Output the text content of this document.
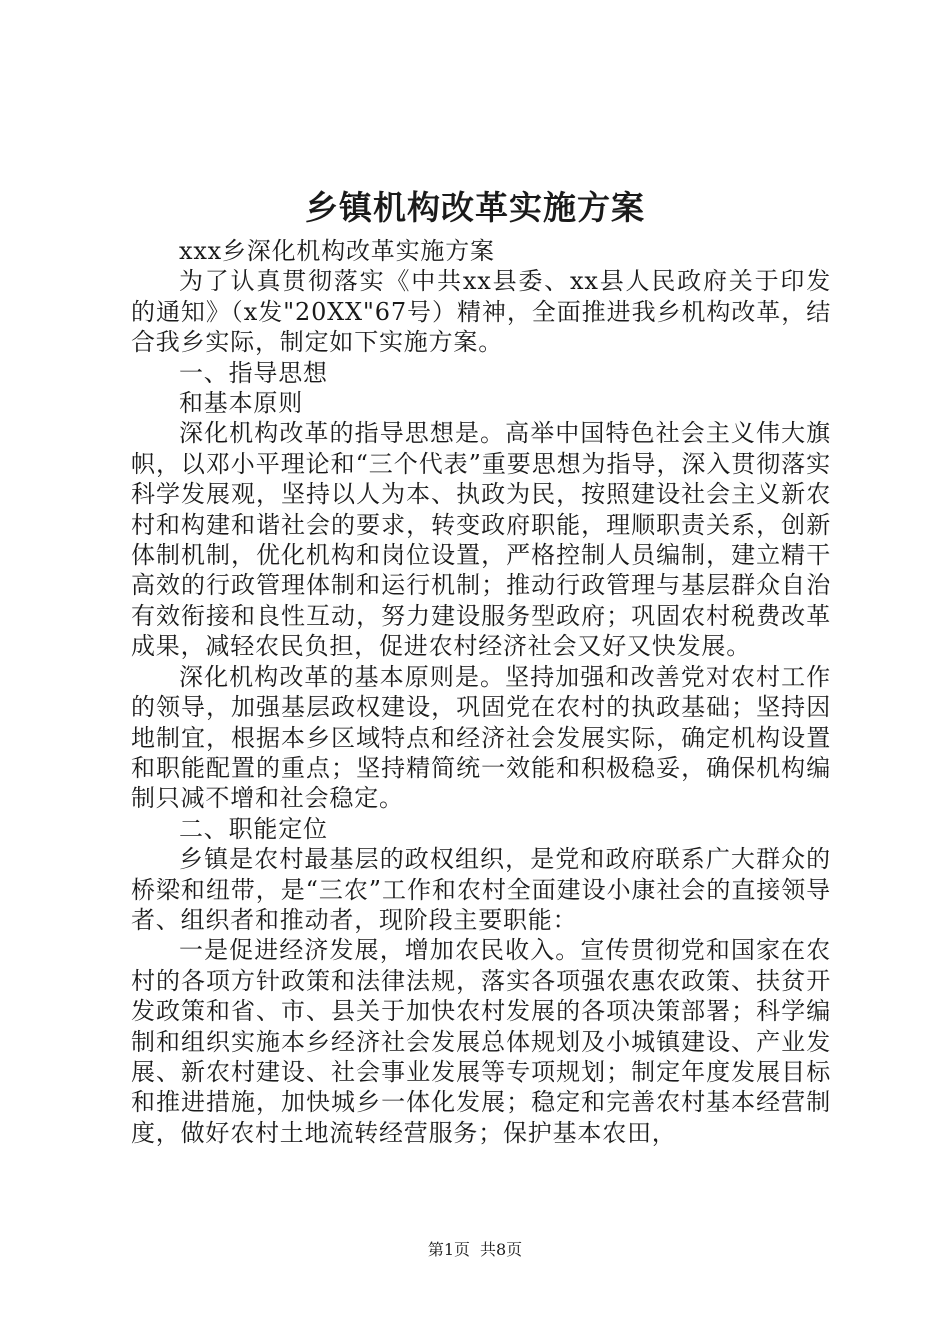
乡镇机构改革实施方案

xxx乡深化机构改革实施方案

为了认真贯彻落实《中共xx县委、xx县人民政府关于印发的通知》（x发"20XX"67号）精神，全面推进我乡机构改革，结合我乡实际，制定如下实施方案。

一、指导思想

和基本原则

深化机构改革的指导思想是。高举中国特色社会主义伟大旗帜，以邓小平理论和“三个代表”重要思想为指导，深入贯彻落实科学发展观，坚持以人为本、执政为民，按照建设社会主义新农村和构建和谐社会的要求，转变政府职能，理顺职责关系，创新体制机制，优化机构和岗位设置，严格控制人员编制，建立精干高效的行政管理体制和运行机制；推动行政管理与基层群众自治有效衔接和良性互动，努力建设服务型政府；巩固农村税费改革成果，减轻农民负担，促进农村经济社会又好又快发展。

深化机构改革的基本原则是。坚持加强和改善党对农村工作的领导，加强基层政权建设，巩固党在农村的执政基础；坚持因地制宜，根据本乡区域特点和经济社会发展实际，确定机构设置和职能配置的重点；坚持精简统一效能和积极稳妥，确保机构编制只减不增和社会稳定。

二、职能定位

乡镇是农村最基层的政权组织，是党和政府联系广大群众的桥梁和纽带，是“三农”工作和农村全面建设小康社会的直接领导者、组织者和推动者，现阶段主要职能：

一是促进经济发展，增加农民收入。宣传贯彻党和国家在农村的各项方针政策和法律法规，落实各项强农惠农政策、扶贫开发政策和省、市、县关于加快农村发展的各项决策部署；科学编制和组织实施本乡经济社会发展总体规划及小城镇建设、产业发展、新农村建设、社会事业发展等专项规划；制定年度发展目标和推进措施，加快城乡一体化发展；稳定和完善农村基本经营制度，做好农村土地流转经营服务；保护基本农田，

第1页 共8页
